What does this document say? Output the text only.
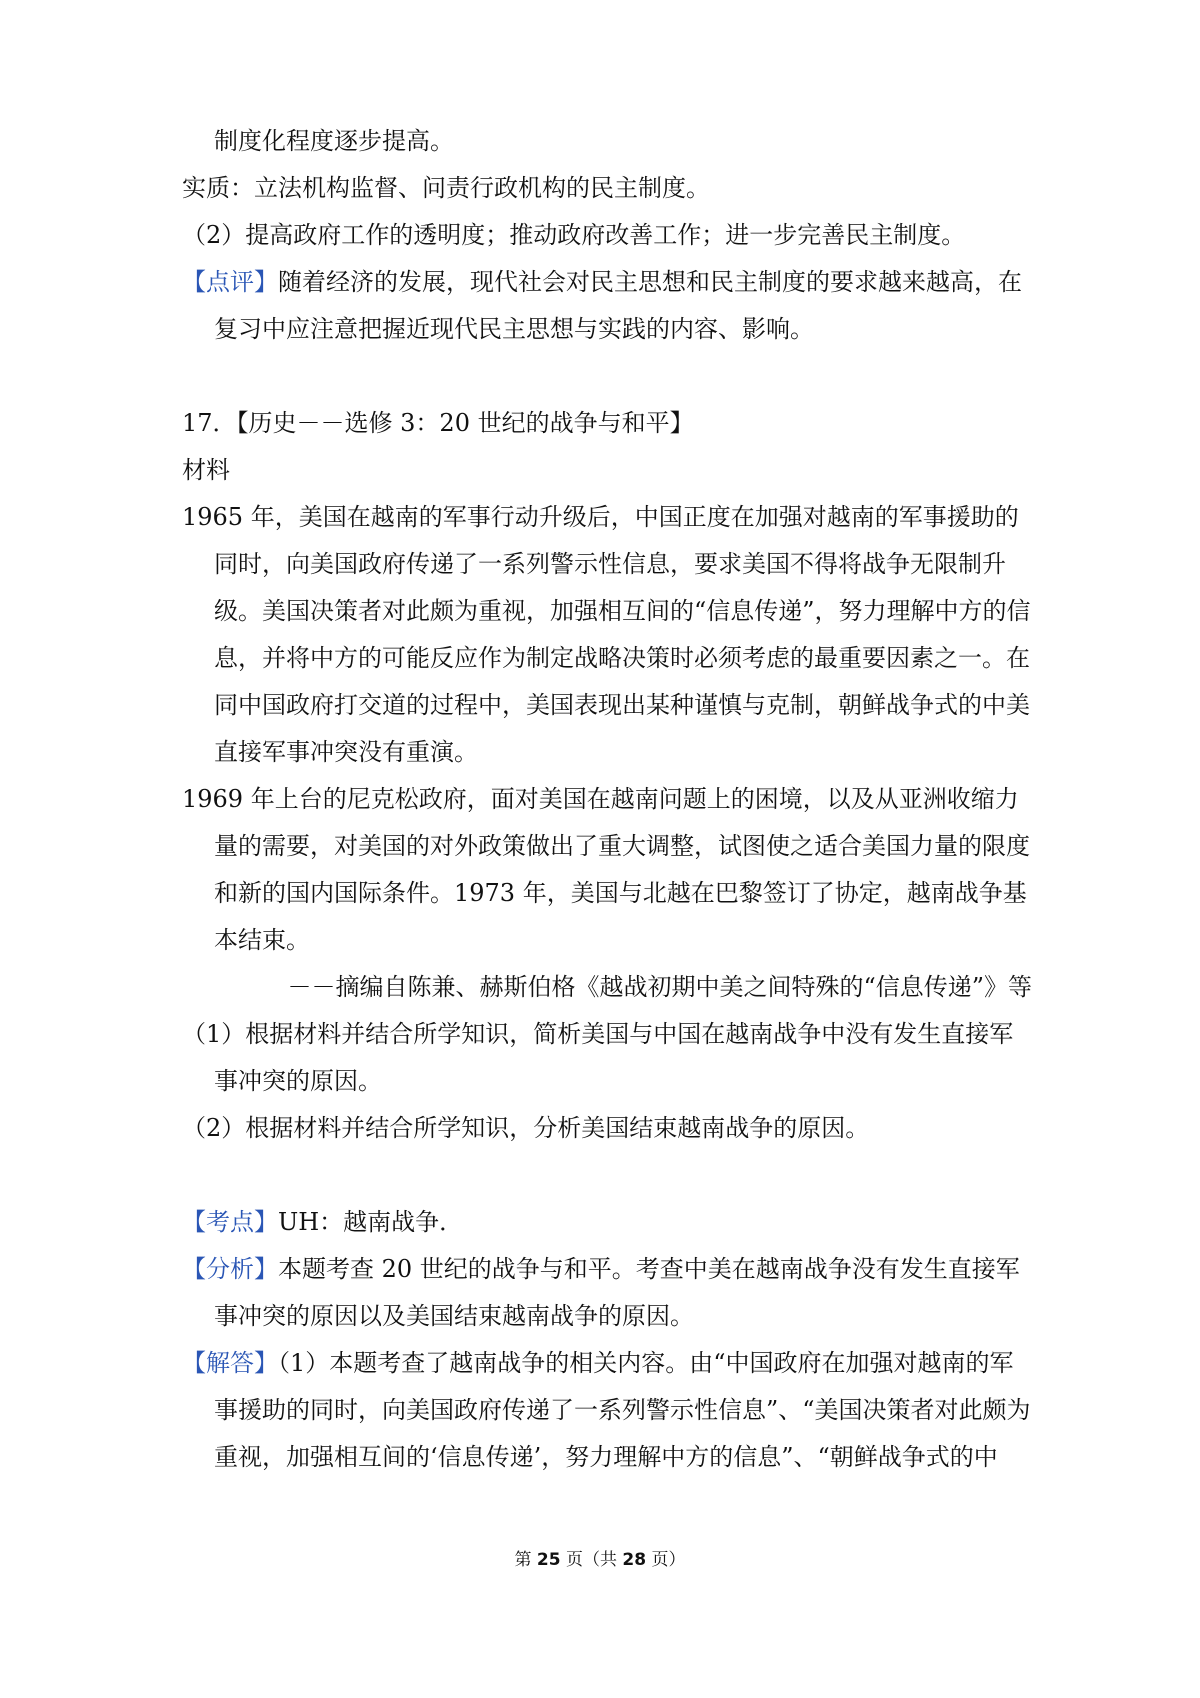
制度化程度逐步提高。

实质：立法机构监督、问责行政机构的民主制度。

（2）提高政府工作的透明度；推动政府改善工作；进一步完善民主制度。

【点评】随着经济的发展，现代社会对民主思想和民主制度的要求越来越高，在复习中应注意把握近现代民主思想与实践的内容、影响。

17．【历史－－选修 3：20 世纪的战争与和平】

材料

1965 年，美国在越南的军事行动升级后，中国正度在加强对越南的军事援助的同时，向美国政府传递了一系列警示性信息，要求美国不得将战争无限制升级。美国决策者对此颇为重视，加强相互间的“信息传递”，努力理解中方的信息，并将中方的可能反应作为制定战略决策时必须考虑的最重要因素之一。在同中国政府打交道的过程中，美国表现出某种谨慎与克制，朝鲜战争式的中美直接军事冲突没有重演。

1969 年上台的尼克松政府，面对美国在越南问题上的困境，以及从亚洲收缩力量的需要，对美国的对外政策做出了重大调整，试图使之适合美国力量的限度和新的国内国际条件。1973 年，美国与北越在巴黎签订了协定，越南战争基本结束。

－－摘编自陈兼、赫斯伯格《越战初期中美之间特殊的“信息传递”》等

（1）根据材料并结合所学知识，简析美国与中国在越南战争中没有发生直接军事冲突的原因。

（2）根据材料并结合所学知识，分析美国结束越南战争的原因。

【考点】UH：越南战争．

【分析】本题考查 20 世纪的战争与和平。考查中美在越南战争没有发生直接军事冲突的原因以及美国结束越南战争的原因。

【解答】（1）本题考查了越南战争的相关内容。由“中国政府在加强对越南的军事援助的同时，向美国政府传递了一系列警示性信息”、“美国决策者对此颇为重视，加强相互间的‘信息传递’，努力理解中方的信息”、“朝鲜战争式的中

第 25 页（共 28 页）
